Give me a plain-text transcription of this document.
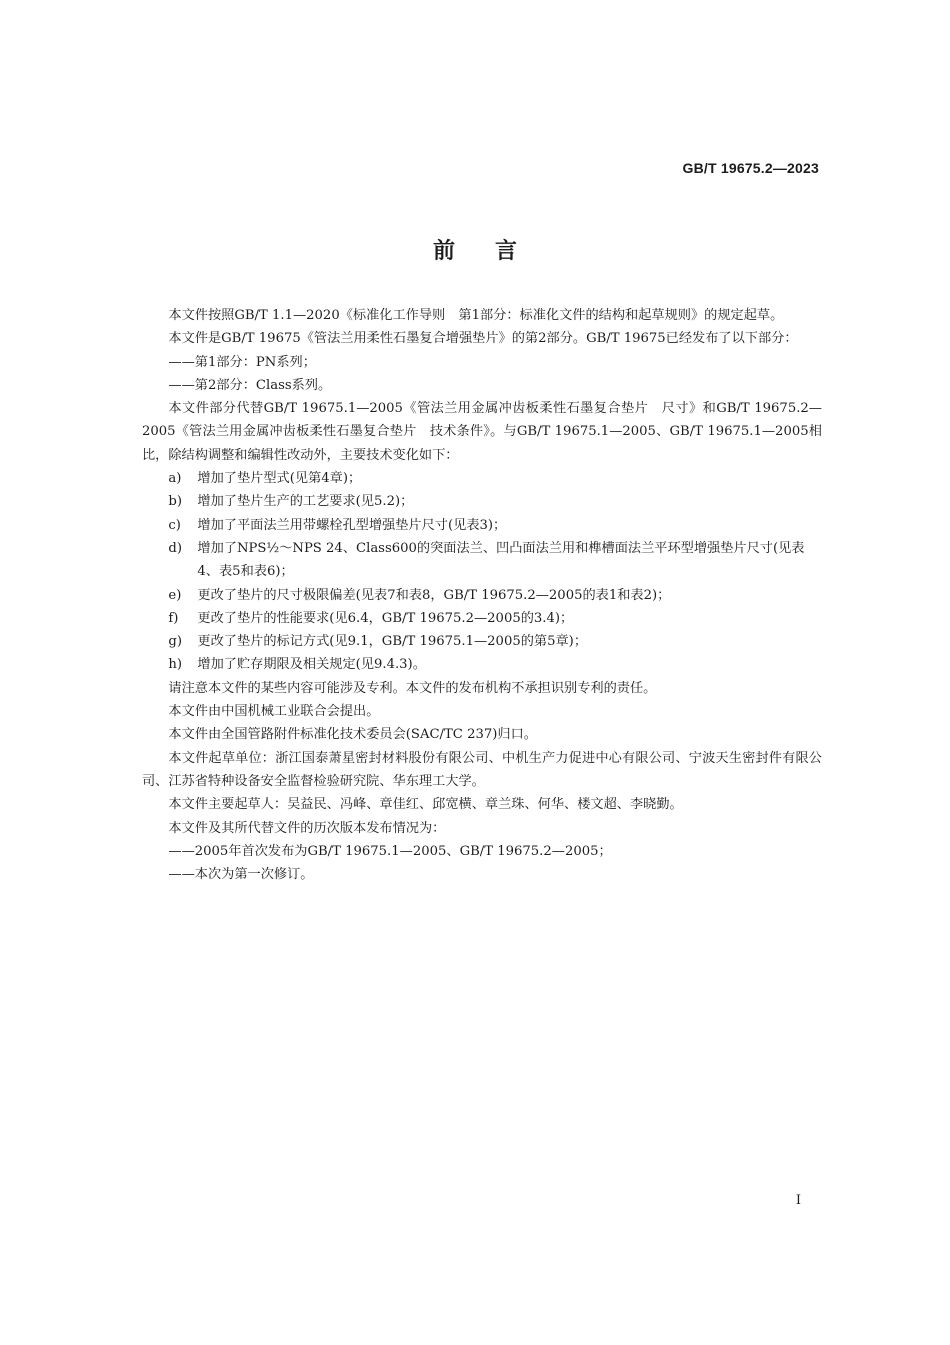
GB/T 19675.2—2023
前言

本文件按照GB/T 1.1—2020《标准化工作导则　第1部分：标准化文件的结构和起草规则》的规定起草。

本文件是GB/T 19675《管法兰用柔性石墨复合增强垫片》的第2部分。GB/T 19675已经发布了以下部分：

——第1部分：PN系列；

——第2部分：Class系列。

本文件部分代替GB/T 19675.1—2005《管法兰用金属冲齿板柔性石墨复合垫片　尺寸》和GB/T 19675.2—2005《管法兰用金属冲齿板柔性石墨复合垫片　技术条件》。与GB/T 19675.1—2005、GB/T 19675.1—2005相比，除结构调整和编辑性改动外，主要技术变化如下：

a)	增加了垫片型式(见第4章)；
b)	增加了垫片生产的工艺要求(见5.2)；
c)	增加了平面法兰用带螺栓孔型增强垫片尺寸(见表3)；
d)	增加了NPS½～NPS 24、Class600的突面法兰、凹凸面法兰用和榫槽面法兰平环型增强垫片尺寸(见表4、表5和表6)；
e)	更改了垫片的尺寸极限偏差(见表7和表8，GB/T 19675.2—2005的表1和表2)；
f)	更改了垫片的性能要求(见6.4，GB/T 19675.2—2005的3.4)；
g)	更改了垫片的标记方式(见9.1，GB/T 19675.1—2005的第5章)；
h)	增加了贮存期限及相关规定(见9.4.3)。

请注意本文件的某些内容可能涉及专利。本文件的发布机构不承担识别专利的责任。

本文件由中国机械工业联合会提出。

本文件由全国管路附件标准化技术委员会(SAC/TC 237)归口。

本文件起草单位：浙江国泰萧星密封材料股份有限公司、中机生产力促进中心有限公司、宁波天生密封件有限公司、江苏省特种设备安全监督检验研究院、华东理工大学。

本文件主要起草人：吴益民、冯峰、章佳红、邱宽横、章兰珠、何华、楼文超、李晓勤。

本文件及其所代替文件的历次版本发布情况为：

——2005年首次发布为GB/T 19675.1—2005、GB/T 19675.2—2005；

——本次为第一次修订。

I
